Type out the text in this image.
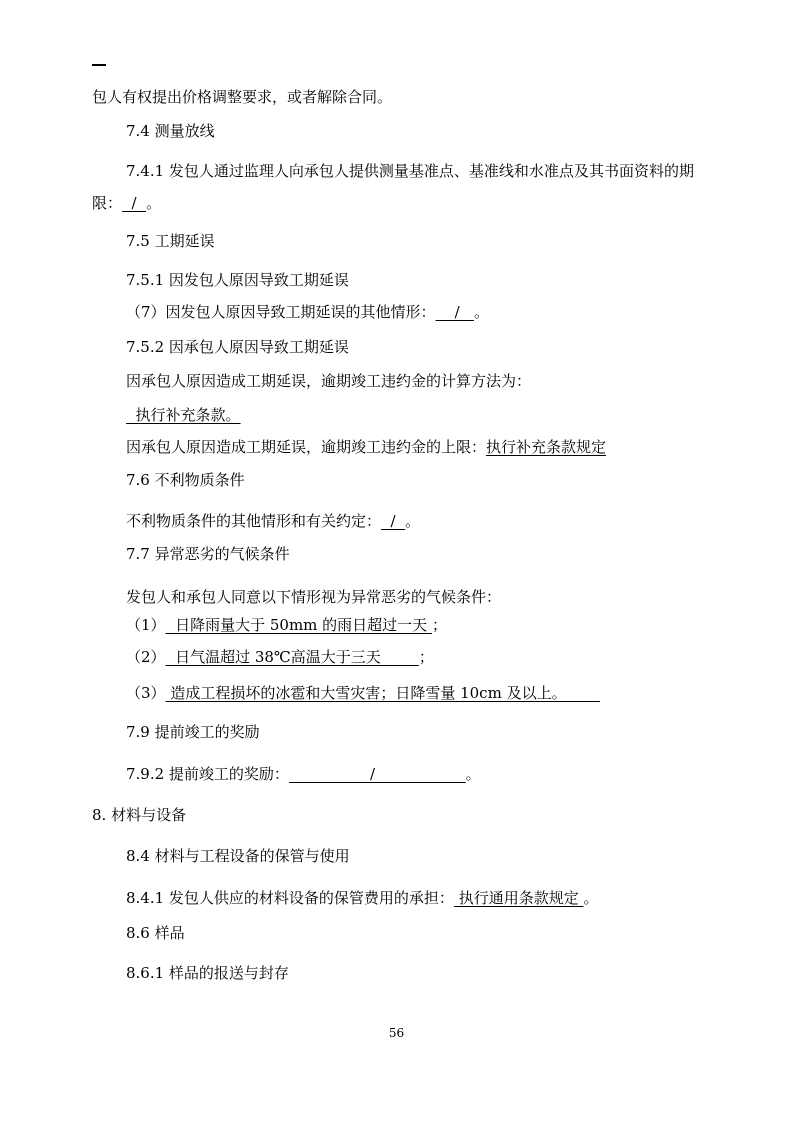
包人有权提出价格调整要求，或者解除合同。
7.4 测量放线
7.4.1 发包人通过监理人向承包人提供测量基准点、基准线和水准点及其书面资料的期
限：  /  。
7.5 工期延误
7.5.1 因发包人原因导致工期延误
（7）因发包人原因导致工期延误的其他情形：    /   。
7.5.2 因承包人原因导致工期延误
因承包人原因造成工期延误，逾期竣工违约金的计算方法为：
执行补充条款。
因承包人原因造成工期延误，逾期竣工违约金的上限：执行补充条款规定
7.6 不利物质条件
不利物质条件的其他情形和有关约定：  /  。
7.7 异常恶劣的气候条件
发包人和承包人同意以下情形视为异常恶劣的气候条件：
（1）  日降雨量大于 50mm 的雨日超过一天 ；
（2）  日气温超过 38℃高温大于三天        ；
（3） 造成工程损坏的冰雹和大雪灾害；日降雪量 10cm 及以上。
7.9 提前竣工的奖励
7.9.2 提前竣工的奖励：                 /                   。
8. 材料与设备
8.4 材料与工程设备的保管与使用
8.4.1 发包人供应的材料设备的保管费用的承担： 执行通用条款规定 。
8.6 样品
8.6.1 样品的报送与封存
56
